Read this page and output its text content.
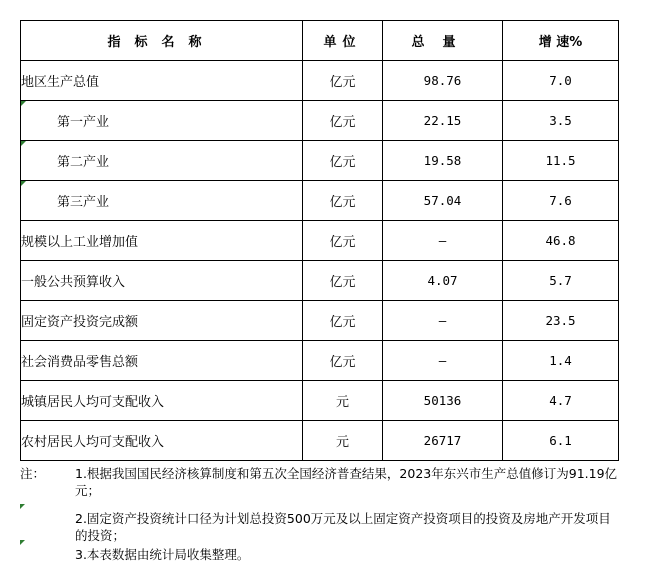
指标名称	单位	总量	增 速%
地区生产总值	亿元	98.76	7.0

第一产业	亿元	22.15	3.5

第二产业	亿元	19.58	11.5

第三产业	亿元	57.04	7.6
规模以上工业增加值	亿元	—	46.8
一般公共预算收入	亿元	4.07	5.7
固定资产投资完成额	亿元	—	23.5
社会消费品零售总额	亿元	—	1.4
城镇居民人均可支配收入	元	50136	4.7
农村居民人均可支配收入	元	26717	6.1
注：	1.根据我国国民经济核算制度和第五次全国经济普查结果，2023年东兴市生产总值修订为91.19亿元；
2.固定资产投资统计口径为计划总投资500万元及以上固定资产投资项目的投资及房地产开发项目的投资；
3.本表数据由统计局收集整理。
